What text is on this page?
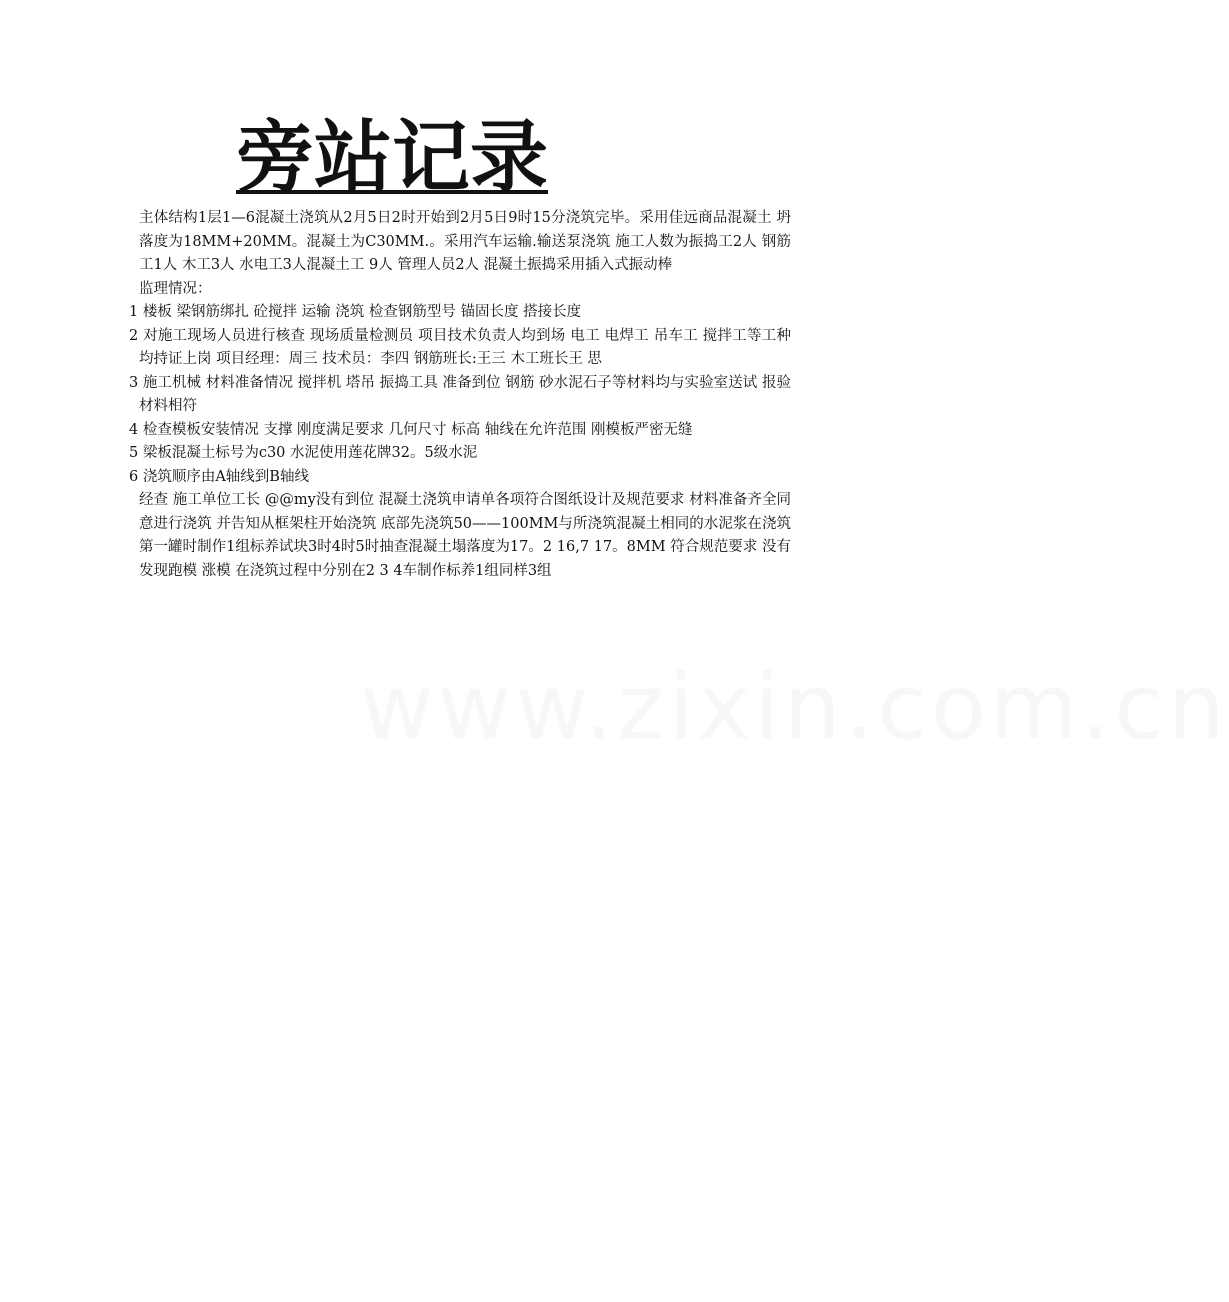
旁站记录

主体结构1层1—6混凝土浇筑从2月5日2时开始到2月5日9时15分浇筑完毕。采用佳远商品混凝土 坍落度为18MM+20MM。混凝土为C30MM.。采用汽车运输.输送泵浇筑 施工人数为振捣工2人 钢筋工1人 木工3人 水电工3人混凝土工 9人 管理人员2人 混凝土振捣采用插入式振动棒

监理情况：

1 楼板 梁钢筋绑扎 砼搅拌 运输 浇筑 检查钢筋型号 锚固长度 搭接长度

2 对施工现场人员进行核查 现场质量检测员 项目技术负责人均到场 电工 电焊工 吊车工 搅拌工等工种均持证上岗 项目经理：周三 技术员：李四 钢筋班长:王三 木工班长王 思

3 施工机械 材料准备情况 搅拌机 塔吊 振捣工具 准备到位 钢筋 砂水泥石子等材料均与实验室送试 报验材料相符

4 检查模板安装情况 支撑 刚度满足要求 几何尺寸 标高 轴线在允许范围 刚模板严密无缝

5 梁板混凝土标号为c30 水泥使用莲花牌32。5级水泥

6 浇筑顺序由A轴线到B轴线

经查 施工单位工长 @@my没有到位 混凝土浇筑申请单各项符合图纸设计及规范要求 材料准备齐全同意进行浇筑 并告知从框架柱开始浇筑 底部先浇筑50——100MM与所浇筑混凝土相同的水泥浆在浇筑第一罐时制作1组标养试块3时4时5时抽查混凝土塌落度为17。2 16,7 17。8MM 符合规范要求 没有发现跑模 涨模 在浇筑过程中分别在2 3 4车制作标养1组同样3组

www.zixin.com.cn
